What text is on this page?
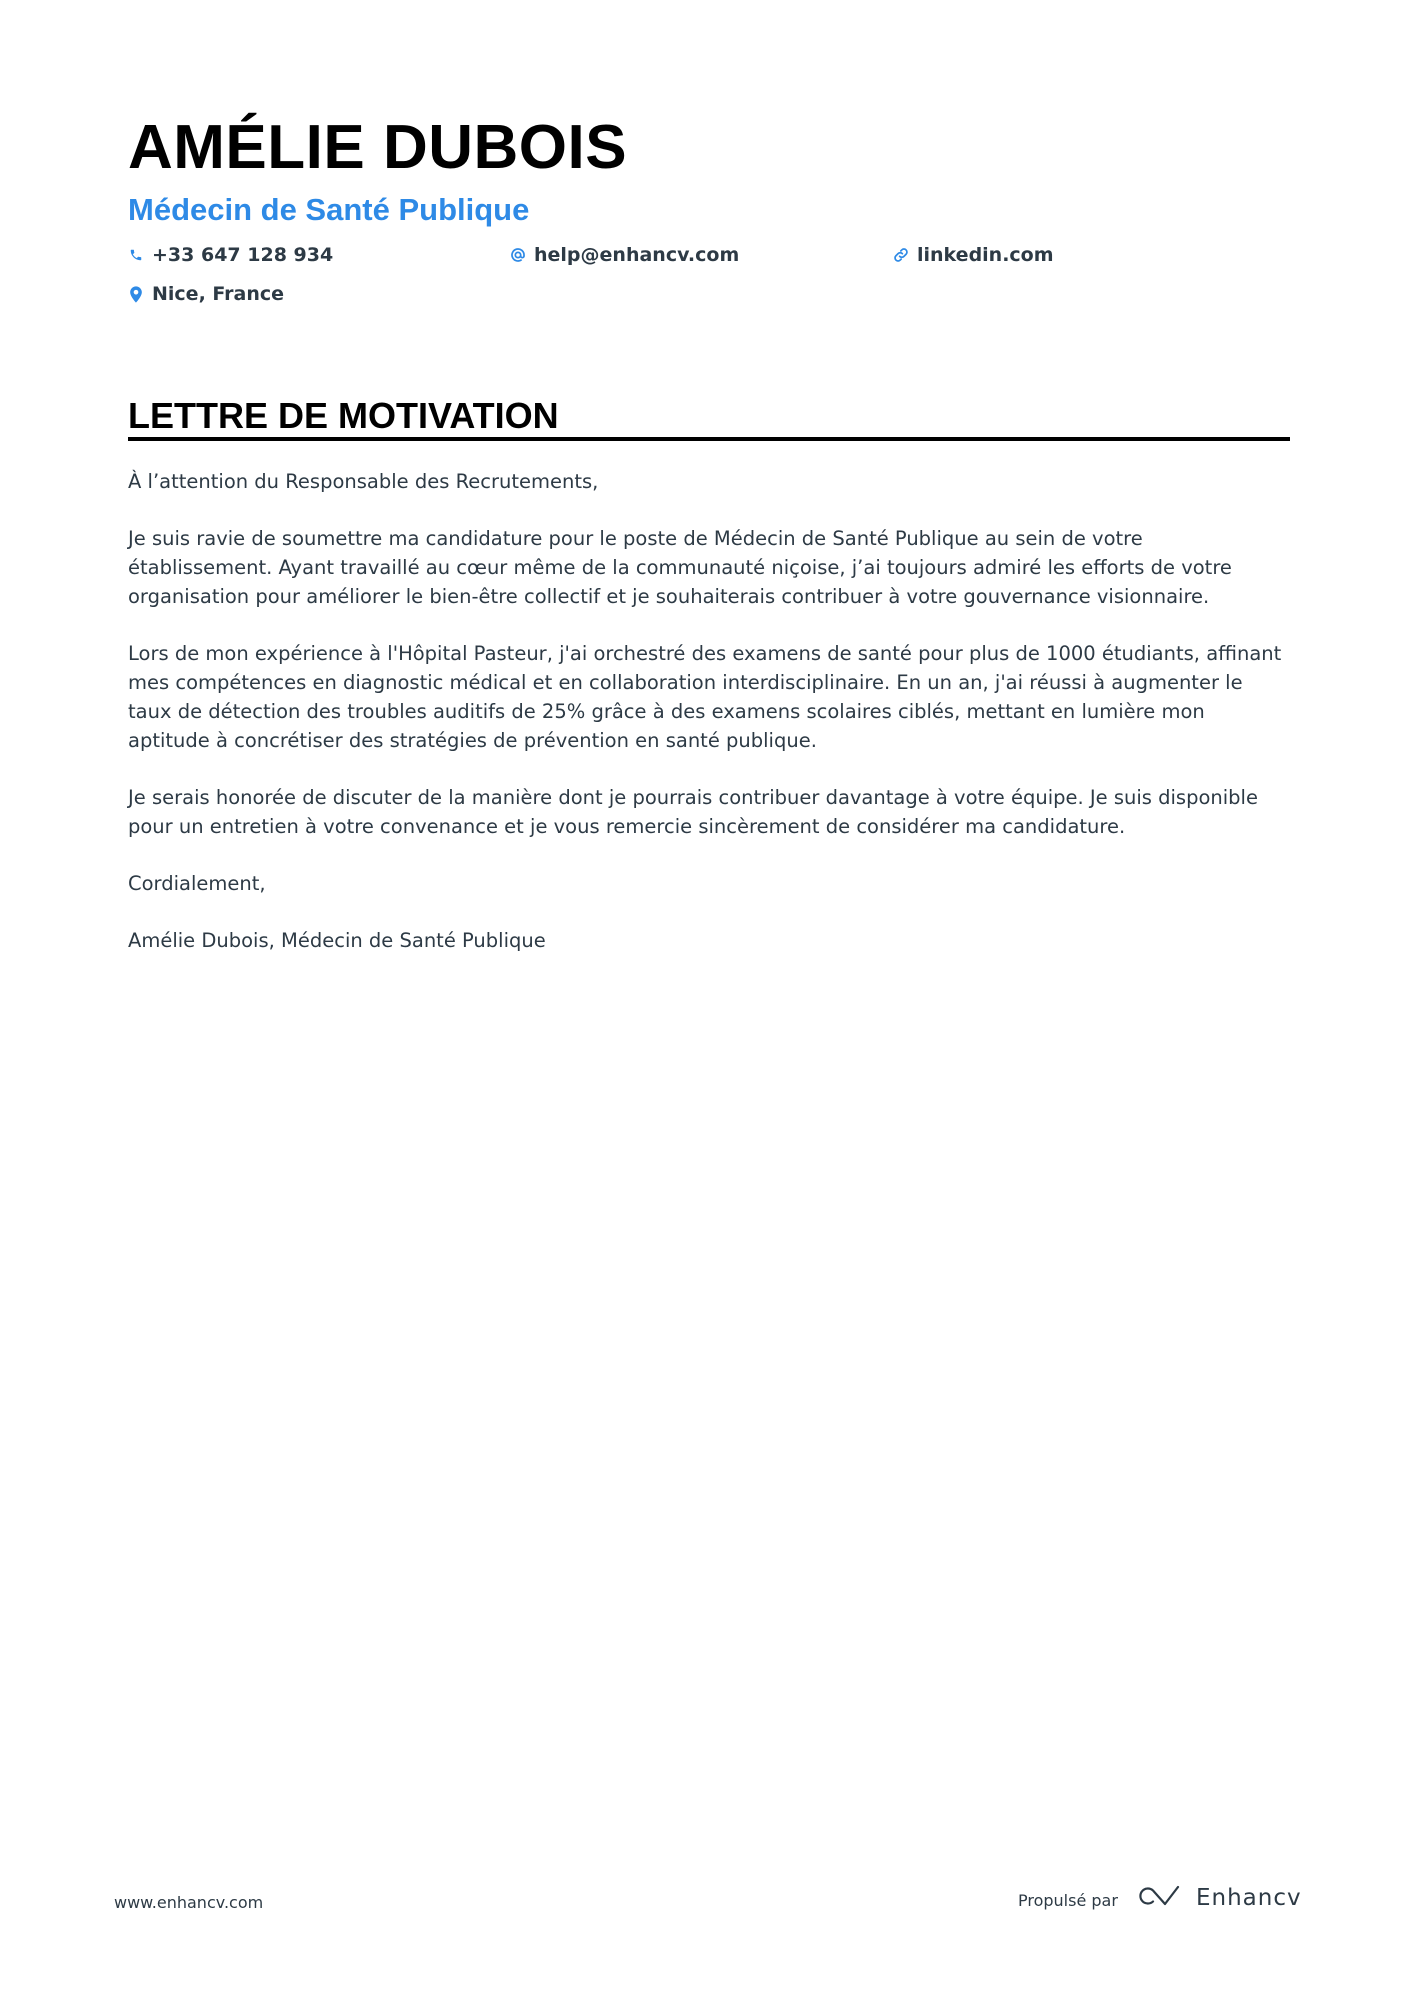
AMÉLIE DUBOIS
Médecin de Santé Publique
+33 647 128 934	help@enhancv.com	linkedin.com
Nice, France
LETTRE DE MOTIVATION

À l’attention du Responsable des Recrutements,

Je suis ravie de soumettre ma candidature pour le poste de Médecin de Santé Publique au sein de votre établissement. Ayant travaillé au cœur même de la communauté niçoise, j’ai toujours admiré les efforts de votre organisation pour améliorer le bien-être collectif et je souhaiterais contribuer à votre gouvernance visionnaire.

Lors de mon expérience à l'Hôpital Pasteur, j'ai orchestré des examens de santé pour plus de 1000 étudiants, affinant mes compétences en diagnostic médical et en collaboration interdisciplinaire. En un an, j'ai réussi à augmenter le taux de détection des troubles auditifs de 25% grâce à des examens scolaires ciblés, mettant en lumière mon aptitude à concrétiser des stratégies de prévention en santé publique.

Je serais honorée de discuter de la manière dont je pourrais contribuer davantage à votre équipe. Je suis disponible pour un entretien à votre convenance et je vous remercie sincèrement de considérer ma candidature.

Cordialement,

Amélie Dubois, Médecin de Santé Publique

www.enhancv.com	Propulsé par	Enhancv
